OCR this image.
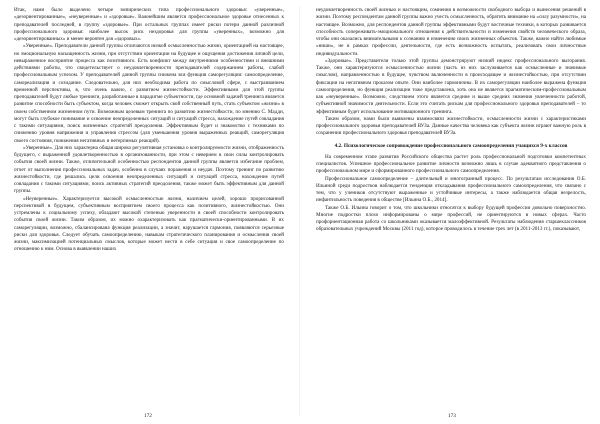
Итак, нами было выделено четыре эмпирических типа профессионального здоровья: «уверенные», «дезориентированные», «неуверенные» и «здоровые». Важнейшим является профессиональное здоровье отнесенных к преподавателей последней, в группу «здоровые». При остальных группах имеет риски потери данной различной профессионального здоровья: наиболее высок риск нездоровья для группы «уверенных», возможно для «дезориентированных» и менее вероятен для «здоровых».

«Уверенные». Преподаватели данной группы отличаются низкой осмысленностью жизни, ориентацией на настоящее, но эмоциональную насыщенность жизни, при отсутствии ориентации на будущее и ощущения достижения личной цели, невыраженное восприятие процесса как позитивного. Есть конфликт между внутренними особенностями и внешними действиями работы, что свидетельствует о неудовлетворенности преподавателей содержанием работы, слабой профессиональным успехом. У преподавателей данной группы снижена вся функция саморегуляции: самоопределение, самореализация и созидание. Следовательно, для них необходима работа по смысловой сфере, с выстраиванием временной перспективы, в, что очень важно, с развитием жизнестойкости. Эффективными для этой группы преподавателей будут любые тренинги, разработанные в парадигме субъектности, где основной задачей тренинга является развитие способности быть субъектом, когда человек сможет открыть свой собственный путь, стать субъектом «жизни» в своем собственном жизненном пути. Возможным целевым тренинга по развитию жизнестойкости, по мнению С. Мадди, могут быть глубокое понимание и освоение неопределенных ситуаций и ситуаций стресса, нахождение путей совладания с такими ситуациями, поиск жизненных стратегий преодоления. Эффективным будет и знакомство с техниками по снижению уровня напряжения и управления стрессом (для уменьшения уровня выраженных реакций, саморегуляция своего состояния, понижения негативных и нетерпимых реакций).

«Уверенные». Для них характерна общая широко регулятивная установка о контролируемости жизни, отображенность будущего, с выраженной удовлетворенностью в организованности, при этом с неверием в свои силы контролировать события своей жизни. Также, отличительной особенностью респондентов данной группы является избегание проблем, отчет от выполнения профессиональных задач, особенно в случаях поражения и неудач. Поэтому тренинг по развитию жизнестойкости, где решались цели освоения неопределенных ситуаций и ситуаций стресса, нахождение путей совладания с такими ситуациями, поиск активных стратегий преодоления, также может быть эффективным для данной группы.

«Неуверенные». Характеризуется высокой осмысленностью жизни, наличием целей, хорошо прорисованной перспективой в будущем, субъективным восприятием своего процесса как позитивного, жизнестойкостью. Они устремлены к социальному успеху, обладают высокой степенью уверенности в своей способности контролировать события своей жизни. Таким образом, их можно охарактеризовать как прагматически-ориентированными. В их саморегуляции, возможно, сбалансирована функция реализации, а значит, нарушается гармония, появляются серьезные риски для здоровья. Следует обучать самоопределению, навыкам стратегического планирования и осмысления своей жизни, максимизацией потенциальных смыслов, которые может нести в себе ситуация и свое самоопределение по отношению к ним. Основа в выявлении наших

неудовлетворенность своей жизнью и настоящим, сомнения в возможности свободного выбора и вынесения решений в жизни. Поэтому респондентам данной группы важно учесть осмысленность, обратить внимание на «силу разумности», на настоящее. Возможно, для респондентов данной группы эффективными будут восточные техники, в которых развивается способность сопереживать-эмоционального отношения к действительности и изменения свойств человеческого образа, чтобы они оказались внимательными к сознанию и изменению своих жизненных объектов. Также, важно найти любимые «ниши», не в рамках профессии, деятельности, где есть возможность испытать, реализовать свои личностные индивидуальности.

«Здоровые». Представители только этой группы демонстрируют низкий индекс профессионального выгорания. Также, они характеризуются осмысленностью жизни (часть из них заслуживается как осмысленные и значимые смыслом), направленностью в будущее, чувством включенности в происходящее и жизнестойкостью, при отсутствии фиксации на негативном прошлом опыте. Они наиболее гармоничны. В их саморегуляции наиболее выражена функция самоопределения, но функция реализации тоже представлена, хоть она не является прагматическим-профессиональным как «неуверенные». Возможно, следствием этого является средние и выше средних значения увлеченности работой, субъективной значимости деятельности. Если это считать рискам для профессионального здоровья преподавателей – то эффективным будет использование мотивационного тренинга.

Таким образом, нами были выявлены взаимосвязи жизнестойкости, осмысленности жизни с характеристиками профессионального здоровья преподавателей ВУЗа. Данные качества человека как субъекта жизни играют важную роль в сохранении профессионального здоровья преподавателей ВУЗа.

4.2. Психологическое сопровождение профессионального самоопределения учащихся 9-х классов

На современном этапе развития Российского общества растет роль профессиональной подготовки компетентных специалистов. Успешное профессиональное развитие личности возможно лишь в случае адекватного представления о профессиональном мире и сформированного профессионального самоопределения.

Профессиональное самоопределение – длительный и многогранный процесс. По результатам исследования О.Б. Ильиной среди подростков наблюдается тенденция откладывания профессионального самоопределения, что связано с тем, что у учеников отсутствуют выраженные и устойчивые интересы, а также наблюдается общая незрелость, инфантильность поведения в обществе [Ильина О.Б., 2014].

Также О.Б. Ильина говорит о том, что школьники относятся к выбору будущей профессии довольно поверхностно. Многие подростки плохо информированы о мире профессий, не ориентируются в новых сферах. Часто профориентационная работа со школьниками оказывается малоэффективной. Результаты наблюдения старшеклассников образовательных учреждений Москвы (2011 год), которое проводилось в течение трех лет (в 2011-2013 гг.), показывают,

172	173
